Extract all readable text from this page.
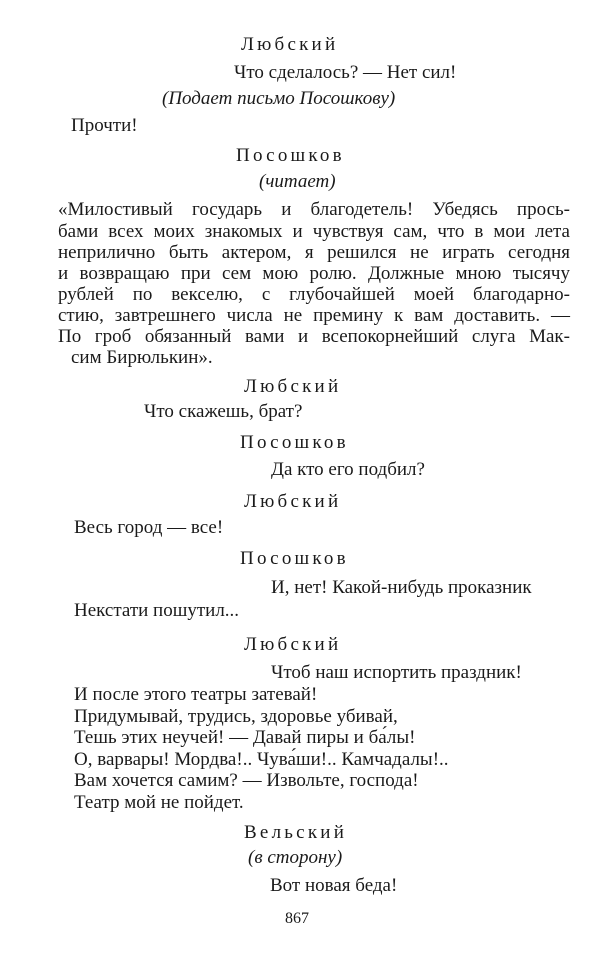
Любский
Что сделалось? — Нет сил!
(Подает письмо Посошкову)
Прочти!
Посошков
(читает)
«Милостивый государь и благодетель! Убедясь прось-
бами всех моих знакомых и чувствуя сам, что в мои лета
неприлично быть актером, я решился не играть сегодня
и возвращаю при сем мою ролю. Должные мною тысячу
рублей по векселю, с глубочайшей моей благодарно-
стию, завтрешнего числа не премину к вам доставить. —
По гроб обязанный вами и всепокорнейший слуга Мак-
сим Бирюлькин».
Любский
Что скажешь, брат?
Посошков
Да кто его подбил?
Любский
Весь город — все!
Посошков
И, нет! Какой-нибудь проказник
Некстати пошутил...
Любский
Чтоб наш испортить праздник!
И после этого театры затевай!
Придумывай, трудись, здоровье убивай,
Тешь этих неучей! — Давай пиры и ба́лы!
О, варвары! Мордва!.. Чува́ши!.. Камчадалы!..
Вам хочется самим? — Извольте, господа!
Театр мой не пойдет.
Вельский
(в сторону)
Вот новая беда!
867
